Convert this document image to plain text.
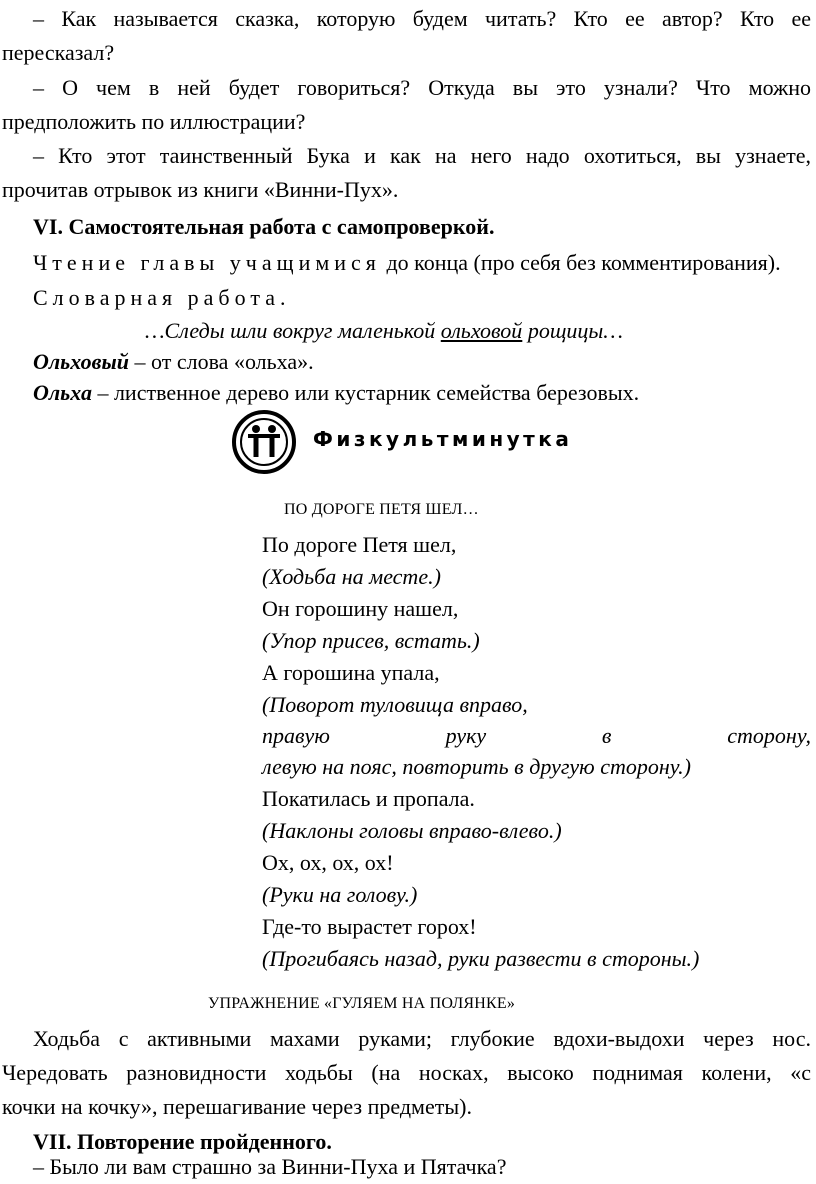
– Как называется сказка, которую будем читать? Кто ее автор? Кто ее
пересказал?
– О чем в ней будет говориться? Откуда вы это узнали? Что можно
предположить по иллюстрации?
– Кто этот таинственный Бука и как на него надо охотиться, вы узнаете,
прочитав отрывок из книги «Винни-Пух».
VI. Самостоятельная работа с самопроверкой.
Чтение главы учащимися до конца (про себя без комментирования).
Словарная работа.
…Следы шли вокруг маленькой ольховой рощицы…
Ольховый – от слова «ольха».
Ольха – лиственное дерево или кустарник семейства березовых.
Физкультминутка
ПО ДОРОГЕ ПЕТЯ ШЕЛ…
По дороге Петя шел,
(Ходьба на месте.)
Он горошину нашел,
(Упор присев, встать.)
А горошина упала,
(Поворот туловища вправо,
правую руку в сторону,
левую на пояс, повторить в другую сторону.)
Покатилась и пропала.
(Наклоны головы вправо-влево.)
Ох, ох, ох, ох!
(Руки на голову.)
Где-то вырастет горох!
(Прогибаясь назад, руки развести в стороны.)
УПРАЖНЕНИЕ «ГУЛЯЕМ НА ПОЛЯНКЕ»
Ходьба с активными махами руками; глубокие вдохи-выдохи через нос.
Чередовать разновидности ходьбы (на носках, высоко поднимая колени, «с
кочки на кочку», перешагивание через предметы).
VII. Повторение пройденного.
– Было ли вам страшно за Винни-Пуха и Пятачка?
